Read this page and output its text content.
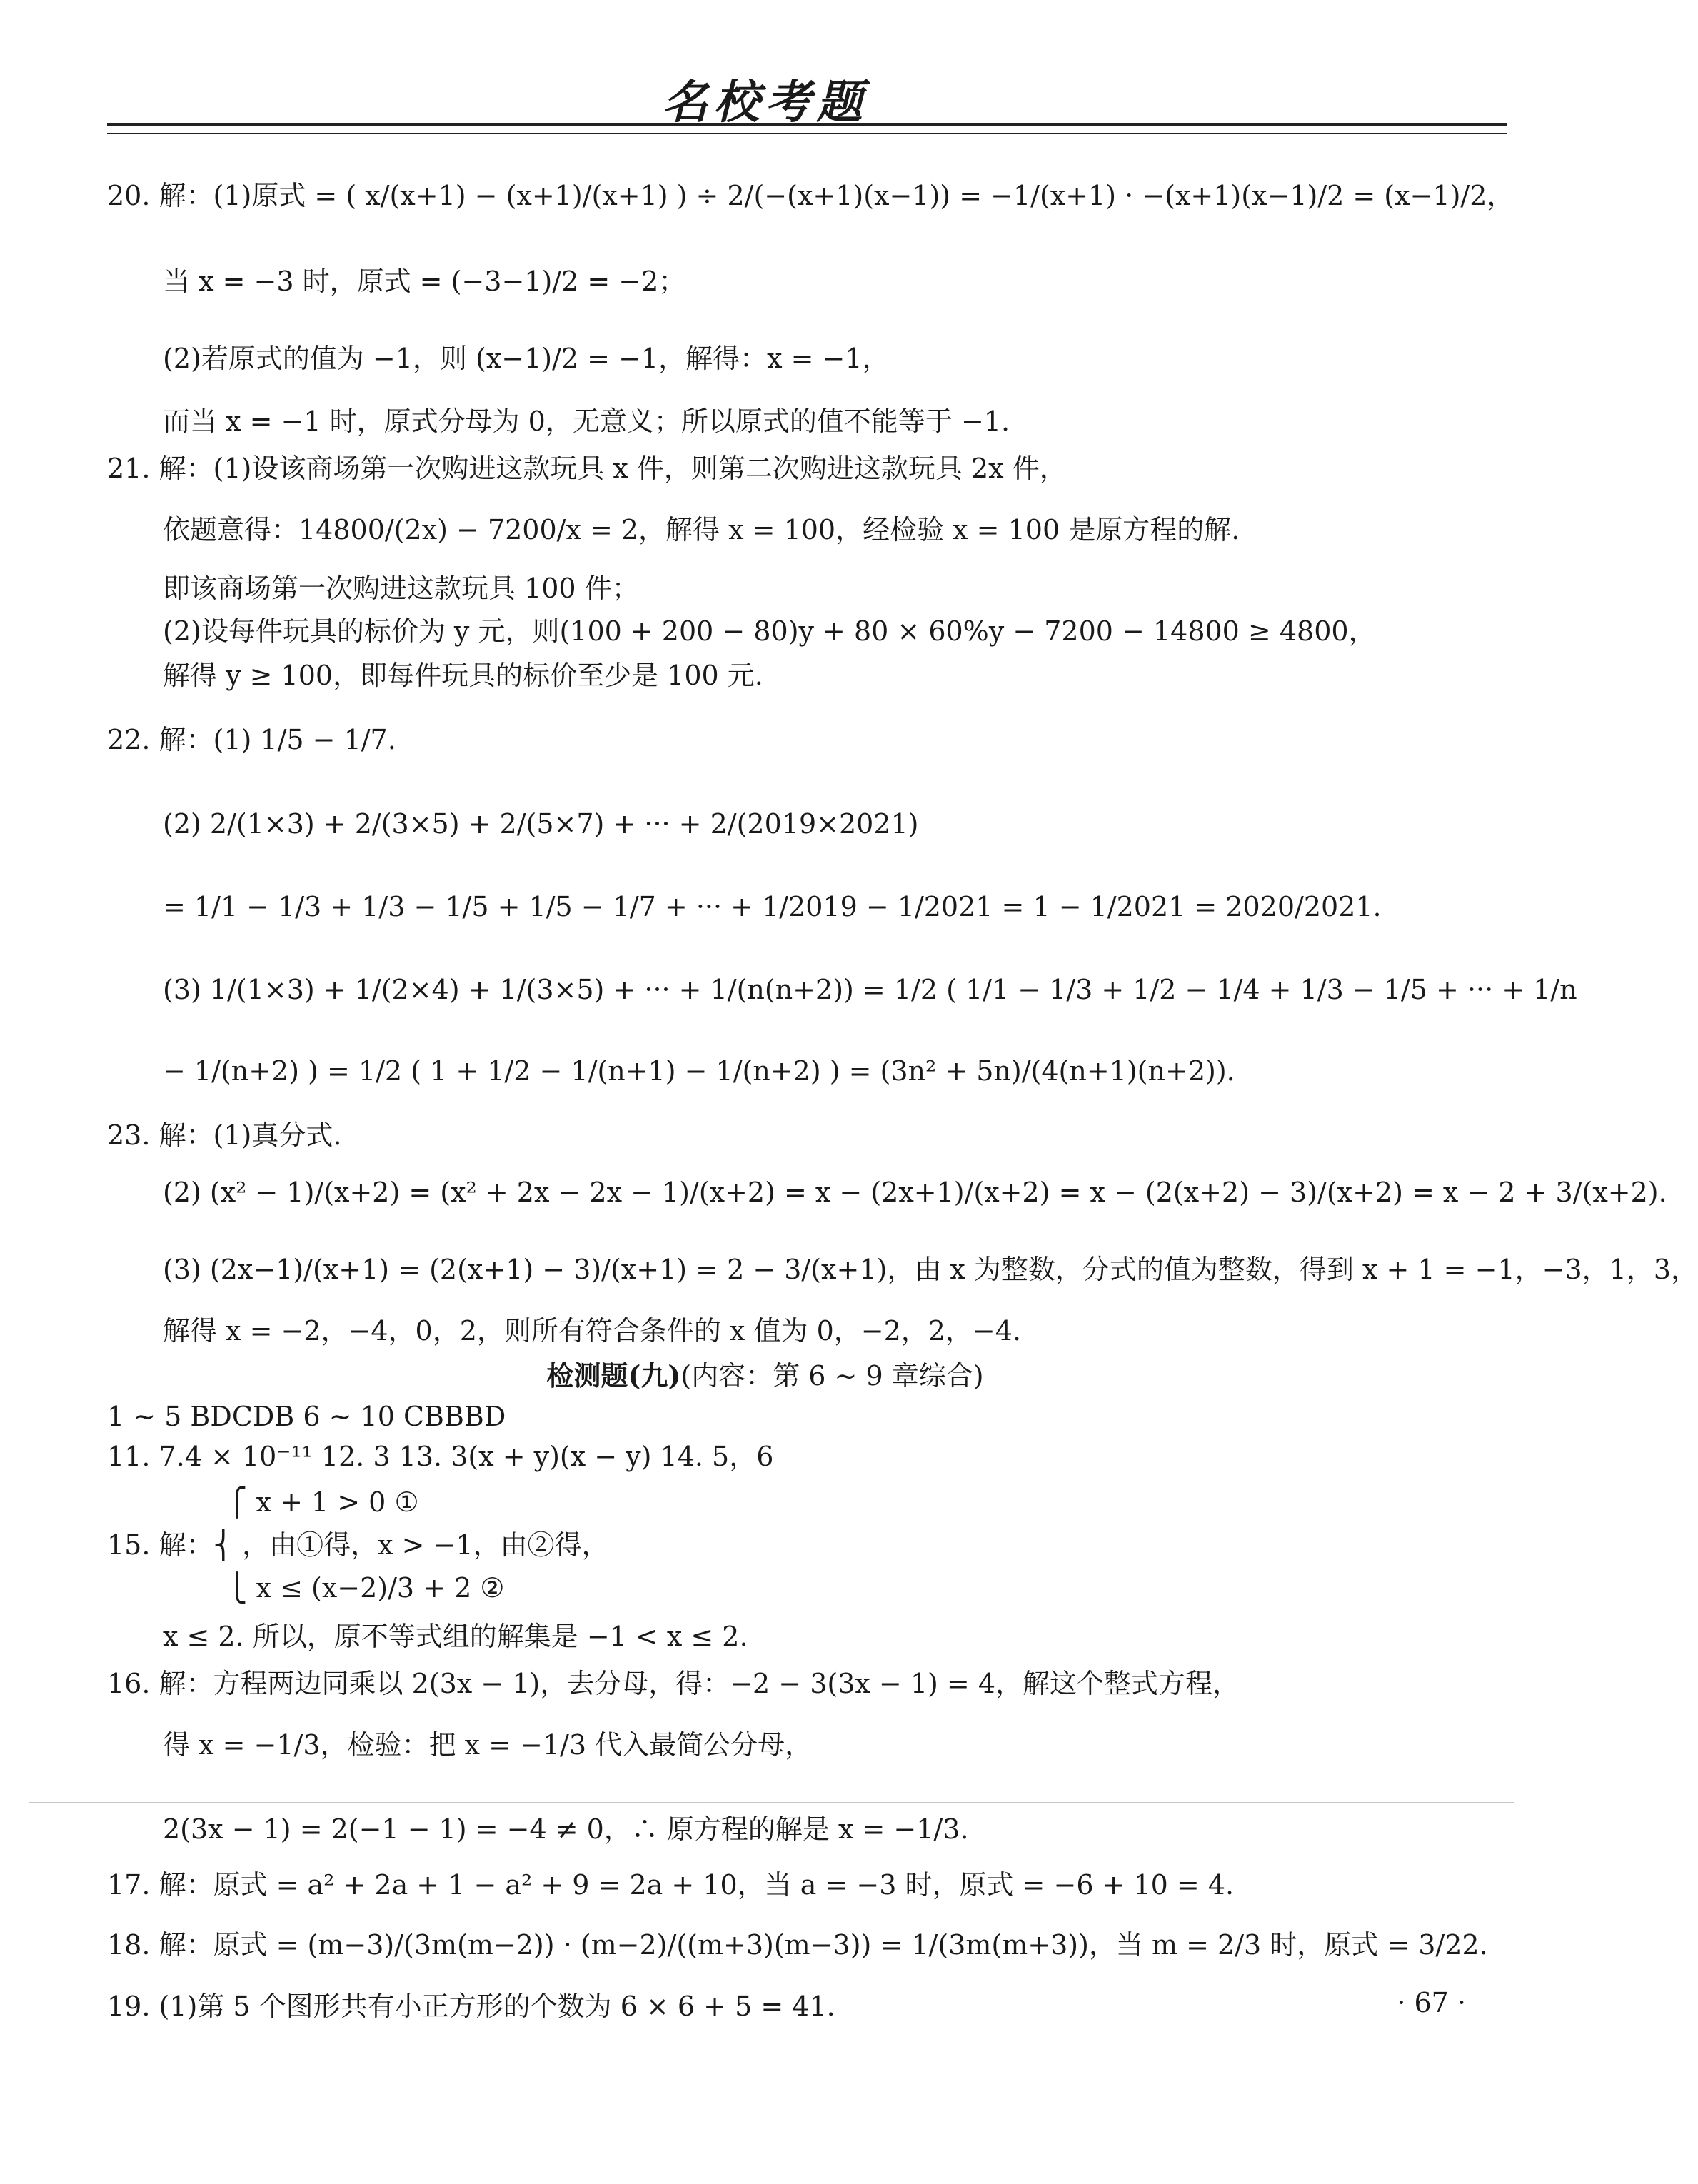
名校考题
20. 解：(1)原式 = ( x/(x+1) − (x+1)/(x+1) ) ÷ 2/(−(x+1)(x−1)) = −1/(x+1) · −(x+1)(x−1)/2 = (x−1)/2，
当 x = −3 时，原式 = (−3−1)/2 = −2；
(2)若原式的值为 −1，则 (x−1)/2 = −1，解得：x = −1，
而当 x = −1 时，原式分母为 0，无意义；所以原式的值不能等于 −1.
21. 解：(1)设该商场第一次购进这款玩具 x 件，则第二次购进这款玩具 2x 件，
依题意得：14800/(2x) − 7200/x = 2，解得 x = 100，经检验 x = 100 是原方程的解.
即该商场第一次购进这款玩具 100 件；
(2)设每件玩具的标价为 y 元，则(100 + 200 − 80)y + 80 × 60%y − 7200 − 14800 ≥ 4800，
解得 y ≥ 100，即每件玩具的标价至少是 100 元.
22. 解：(1) 1/5 − 1/7.
(2) 2/(1×3) + 2/(3×5) + 2/(5×7) + ··· + 2/(2019×2021)
= 1/1 − 1/3 + 1/3 − 1/5 + 1/5 − 1/7 + ··· + 1/2019 − 1/2021 = 1 − 1/2021 = 2020/2021.
(3) 1/(1×3) + 1/(2×4) + 1/(3×5) + ··· + 1/(n(n+2)) = 1/2 ( 1/1 − 1/3 + 1/2 − 1/4 + 1/3 − 1/5 + ··· + 1/n
− 1/(n+2) ) = 1/2 ( 1 + 1/2 − 1/(n+1) − 1/(n+2) ) = (3n² + 5n)/(4(n+1)(n+2)).
23. 解：(1)真分式.
(2) (x² − 1)/(x+2) = (x² + 2x − 2x − 1)/(x+2) = x − (2x+1)/(x+2) = x − (2(x+2) − 3)/(x+2) = x − 2 + 3/(x+2).
(3) (2x−1)/(x+1) = (2(x+1) − 3)/(x+1) = 2 − 3/(x+1)，由 x 为整数，分式的值为整数，得到 x + 1 = −1，−3，1，3，
解得 x = −2，−4，0，2，则所有符合条件的 x 值为 0，−2，2，−4.
检测题(九)(内容：第 6 ~ 9 章综合)
1 ~ 5 BDCDB 6 ~ 10 CBBBD
11. 7.4 × 10⁻¹¹ 12. 3 13. 3(x + y)(x − y) 14. 5，6
⎧ x + 1 > 0 ①
15. 解：⎨ ，由①得，x > −1，由②得，
⎩ x ≤ (x−2)/3 + 2 ②
x ≤ 2. 所以，原不等式组的解集是 −1 < x ≤ 2.
16. 解：方程两边同乘以 2(3x − 1)，去分母，得：−2 − 3(3x − 1) = 4，解这个整式方程，
得 x = −1/3，检验：把 x = −1/3 代入最简公分母，
2(3x − 1) = 2(−1 − 1) = −4 ≠ 0，∴ 原方程的解是 x = −1/3.
17. 解：原式 = a² + 2a + 1 − a² + 9 = 2a + 10，当 a = −3 时，原式 = −6 + 10 = 4.
18. 解：原式 = (m−3)/(3m(m−2)) · (m−2)/((m+3)(m−3)) = 1/(3m(m+3))，当 m = 2/3 时，原式 = 3/22.
19. (1)第 5 个图形共有小正方形的个数为 6 × 6 + 5 = 41.	· 67 ·
